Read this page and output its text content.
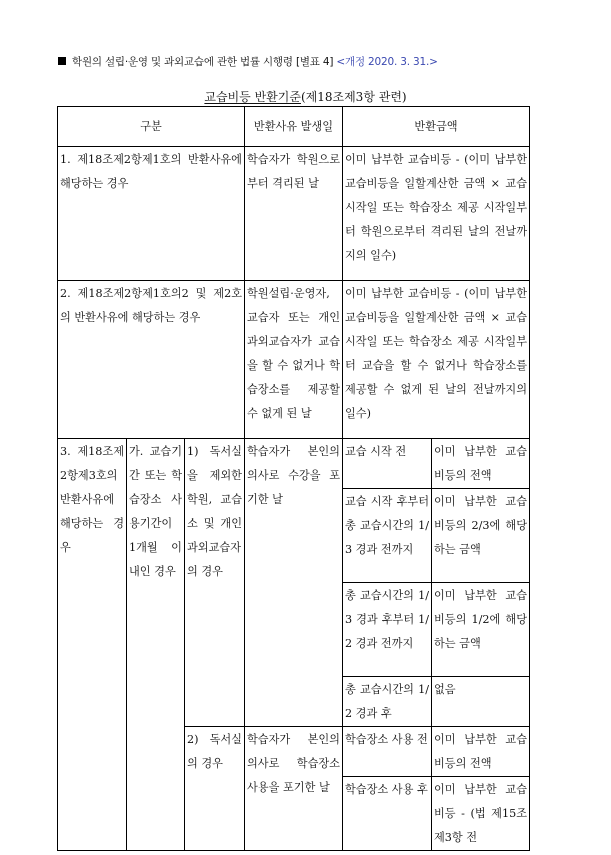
학원의 설립·운영 및 과외교습에 관한 법률 시행령 [별표 4] <개정 2020. 3. 31.>
교습비등 반환기준(제18조제3항 관련)
구분			반환사유 발생일	반환금액	
1. 제18조제2항제1호의 반환사유에 해당하는 경우			학습자가 학원으로부터 격리된 날	이미 납부한 교습비등 - (이미 납부한 교습비등을 일할계산한 금액 × 교습 시작일 또는 학습장소 제공 시작일부터 학원으로부터 격리된 날의 전날까지의 일수)	
2. 제18조제2항제1호의2 및 제2호의 반환사유에 해당하는 경우			학원설립·운영자, 교습자 또는 개인과외교습자가 교습을 할 수 없거나 학습장소를 제공할 수 없게 된 날	이미 납부한 교습비등 - (이미 납부한 교습비등을 일할계산한 금액 × 교습 시작일 또는 학습장소 제공 시작일부터 교습을 할 수 없거나 학습장소를 제공할 수 없게 된 날의 전날까지의 일수)	
3. 제18조제2항제3호의 반환사유에 해당하는 경우	가. 교습기간 또는 학습장소 사용기간이 1개월 이내인 경우	1) 독서실을 제외한 학원, 교습소 및 개인과외교습자의 경우	학습자가 본인의 의사로 수강을 포기한 날	교습 시작 전	이미 납부한 교습비등의 전액
				교습 시작 후부터 총 교습시간의 1/3 경과 전까지	이미 납부한 교습비등의 2/3에 해당하는 금액
				총 교습시간의 1/3 경과 후부터 1/2 경과 전까지	이미 납부한 교습비등의 1/2에 해당하는 금액
				총 교습시간의 1/2 경과 후	없음
		2) 독서실의 경우	학습자가 본인의 의사로 학습장소 사용을 포기한 날	학습장소 사용 전	이미 납부한 교습비등의 전액
				학습장소 사용 후	이미 납부한 교습비등 - (법 제15조제3항 전
